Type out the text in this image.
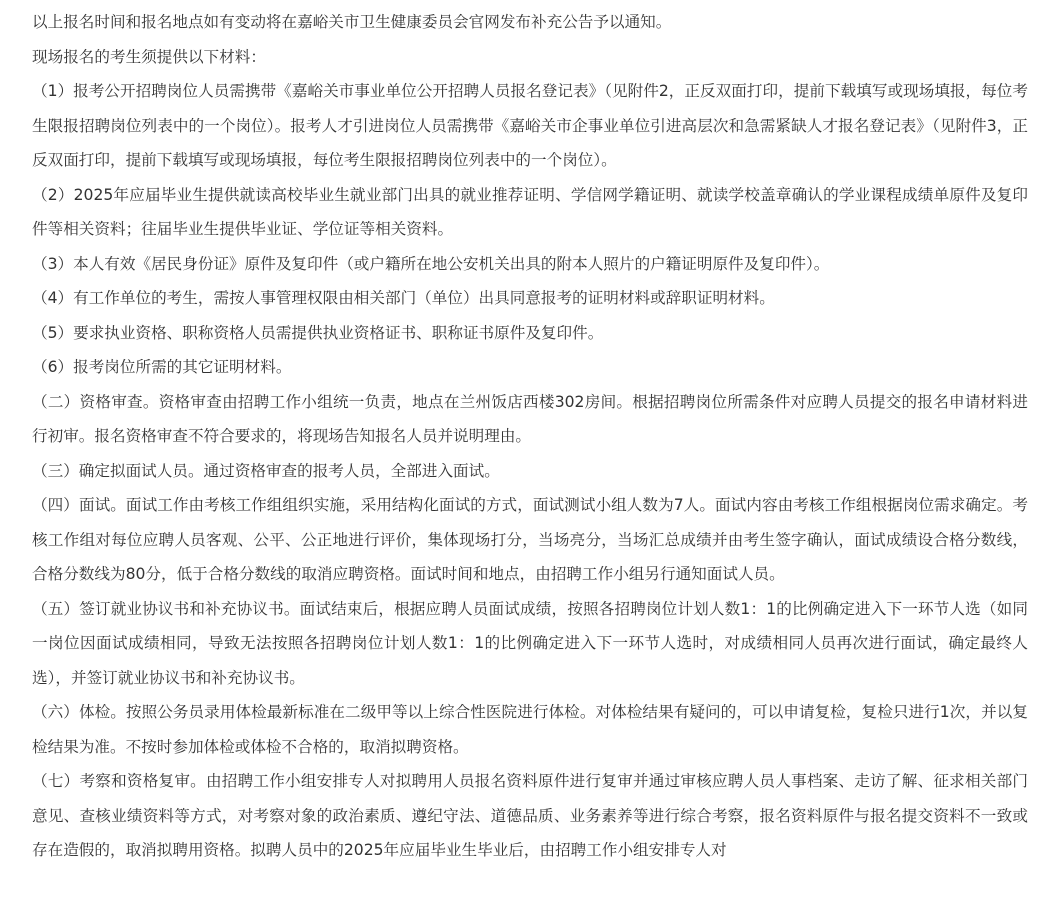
以上报名时间和报名地点如有变动将在嘉峪关市卫生健康委员会官网发布补充公告予以通知。

现场报名的考生须提供以下材料：

（1）报考公开招聘岗位人员需携带《嘉峪关市事业单位公开招聘人员报名登记表》（见附件2，正反双面打印，提前下载填写或现场填报，每位考生限报招聘岗位列表中的一个岗位）。报考人才引进岗位人员需携带《嘉峪关市企事业单位引进高层次和急需紧缺人才报名登记表》（见附件3，正反双面打印，提前下载填写或现场填报，每位考生限报招聘岗位列表中的一个岗位）。

（2）2025年应届毕业生提供就读高校毕业生就业部门出具的就业推荐证明、学信网学籍证明、就读学校盖章确认的学业课程成绩单原件及复印件等相关资料；往届毕业生提供毕业证、学位证等相关资料。

（3）本人有效《居民身份证》原件及复印件（或户籍所在地公安机关出具的附本人照片的户籍证明原件及复印件）。

（4）有工作单位的考生，需按人事管理权限由相关部门（单位）出具同意报考的证明材料或辞职证明材料。

（5）要求执业资格、职称资格人员需提供执业资格证书、职称证书原件及复印件。

（6）报考岗位所需的其它证明材料。

（二）资格审查。资格审查由招聘工作小组统一负责，地点在兰州饭店西楼302房间。根据招聘岗位所需条件对应聘人员提交的报名申请材料进行初审。报名资格审查不符合要求的，将现场告知报名人员并说明理由。

（三）确定拟面试人员。通过资格审查的报考人员，全部进入面试。

（四）面试。面试工作由考核工作组组织实施，采用结构化面试的方式，面试测试小组人数为7人。面试内容由考核工作组根据岗位需求确定。考核工作组对每位应聘人员客观、公平、公正地进行评价，集体现场打分，当场亮分，当场汇总成绩并由考生签字确认，面试成绩设合格分数线，合格分数线为80分，低于合格分数线的取消应聘资格。面试时间和地点，由招聘工作小组另行通知面试人员。

（五）签订就业协议书和补充协议书。面试结束后，根据应聘人员面试成绩，按照各招聘岗位计划人数1：1的比例确定进入下一环节人选（如同一岗位因面试成绩相同，导致无法按照各招聘岗位计划人数1：1的比例确定进入下一环节人选时，对成绩相同人员再次进行面试，确定最终人选），并签订就业协议书和补充协议书。

（六）体检。按照公务员录用体检最新标准在二级甲等以上综合性医院进行体检。对体检结果有疑问的，可以申请复检，复检只进行1次，并以复检结果为准。不按时参加体检或体检不合格的，取消拟聘资格。

（七）考察和资格复审。由招聘工作小组安排专人对拟聘用人员报名资料原件进行复审并通过审核应聘人员人事档案、走访了解、征求相关部门意见、查核业绩资料等方式，对考察对象的政治素质、遵纪守法、道德品质、业务素养等进行综合考察，报名资料原件与报名提交资料不一致或存在造假的，取消拟聘用资格。拟聘人员中的2025年应届毕业生毕业后，由招聘工作小组安排专人对
